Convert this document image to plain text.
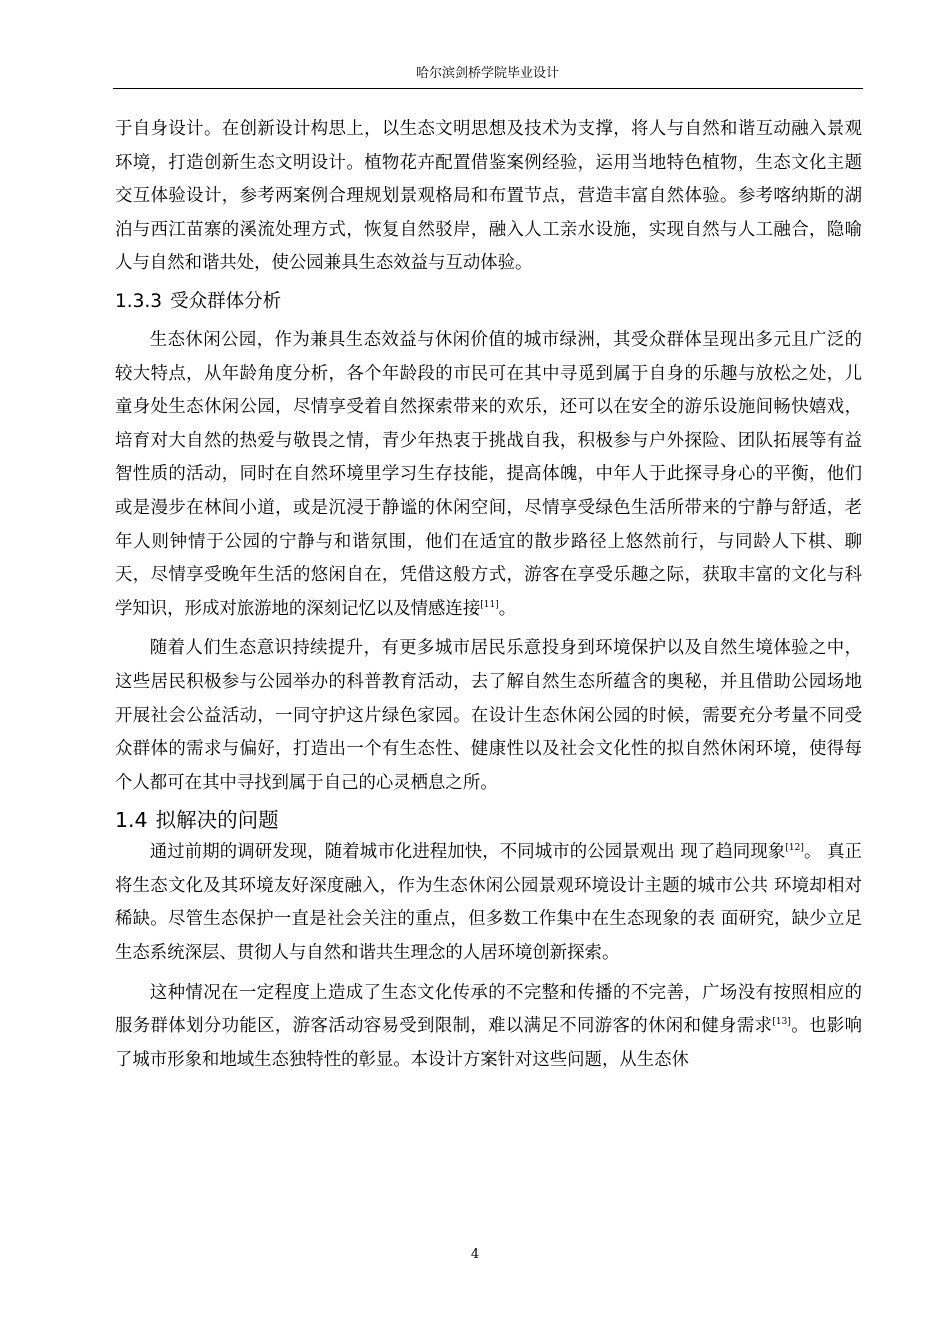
哈尔滨剑桥学院毕业设计

于自身设计。在创新设计构思上，以生态文明思想及技术为支撑，将人与自然和谐互动融入景观环境，打造创新生态文明设计。植物花卉配置借鉴案例经验，运用当地特色植物，生态文化主题交互体验设计，参考两案例合理规划景观格局和布置节点，营造丰富自然体验。参考喀纳斯的湖泊与西江苗寨的溪流处理方式，恢复自然驳岸，融入人工亲水设施，实现自然与人工融合，隐喻人与自然和谐共处，使公园兼具生态效益与互动体验。

1.3.3 受众群体分析

生态休闲公园，作为兼具生态效益与休闲价值的城市绿洲，其受众群体呈现出多元且广泛的较大特点，从年龄角度分析，各个年龄段的市民可在其中寻觅到属于自身的乐趣与放松之处，儿童身处生态休闲公园，尽情享受着自然探索带来的欢乐，还可以在安全的游乐设施间畅快嬉戏，培育对大自然的热爱与敬畏之情，青少年热衷于挑战自我，积极参与户外探险、团队拓展等有益智性质的活动，同时在自然环境里学习生存技能，提高体魄，中年人于此探寻身心的平衡，他们或是漫步在林间小道，或是沉浸于静谧的休闲空间，尽情享受绿色生活所带来的宁静与舒适，老年人则钟情于公园的宁静与和谐氛围，他们在适宜的散步路径上悠然前行，与同龄人下棋、聊天，尽情享受晚年生活的悠闲自在，凭借这般方式，游客在享受乐趣之际，获取丰富的文化与科学知识，形成对旅游地的深刻记忆以及情感连接[11]。

随着人们生态意识持续提升，有更多城市居民乐意投身到环境保护以及自然生境体验之中，这些居民积极参与公园举办的科普教育活动，去了解自然生态所蕴含的奥秘，并且借助公园场地开展社会公益活动，一同守护这片绿色家园。在设计生态休闲公园的时候，需要充分考量不同受众群体的需求与偏好，打造出一个有生态性、健康性以及社会文化性的拟自然休闲环境，使得每个人都可在其中寻找到属于自己的心灵栖息之所。

1.4 拟解决的问题

通过前期的调研发现，随着城市化进程加快，不同城市的公园景观出 现了趋同现象[12]。 真正将生态文化及其环境友好深度融入，作为生态休闲公园景观环境设计主题的城市公共 环境却相对稀缺。尽管生态保护一直是社会关注的重点，但多数工作集中在生态现象的表 面研究，缺少立足生态系统深层、贯彻人与自然和谐共生理念的人居环境创新探索。

这种情况在一定程度上造成了生态文化传承的不完整和传播的不完善，广场没有按照相应的服务群体划分功能区，游客活动容易受到限制，难以满足不同游客的休闲和健身需求[13]。也影响了城市形象和地域生态独特性的彰显。本设计方案针对这些问题，从生态休

4
